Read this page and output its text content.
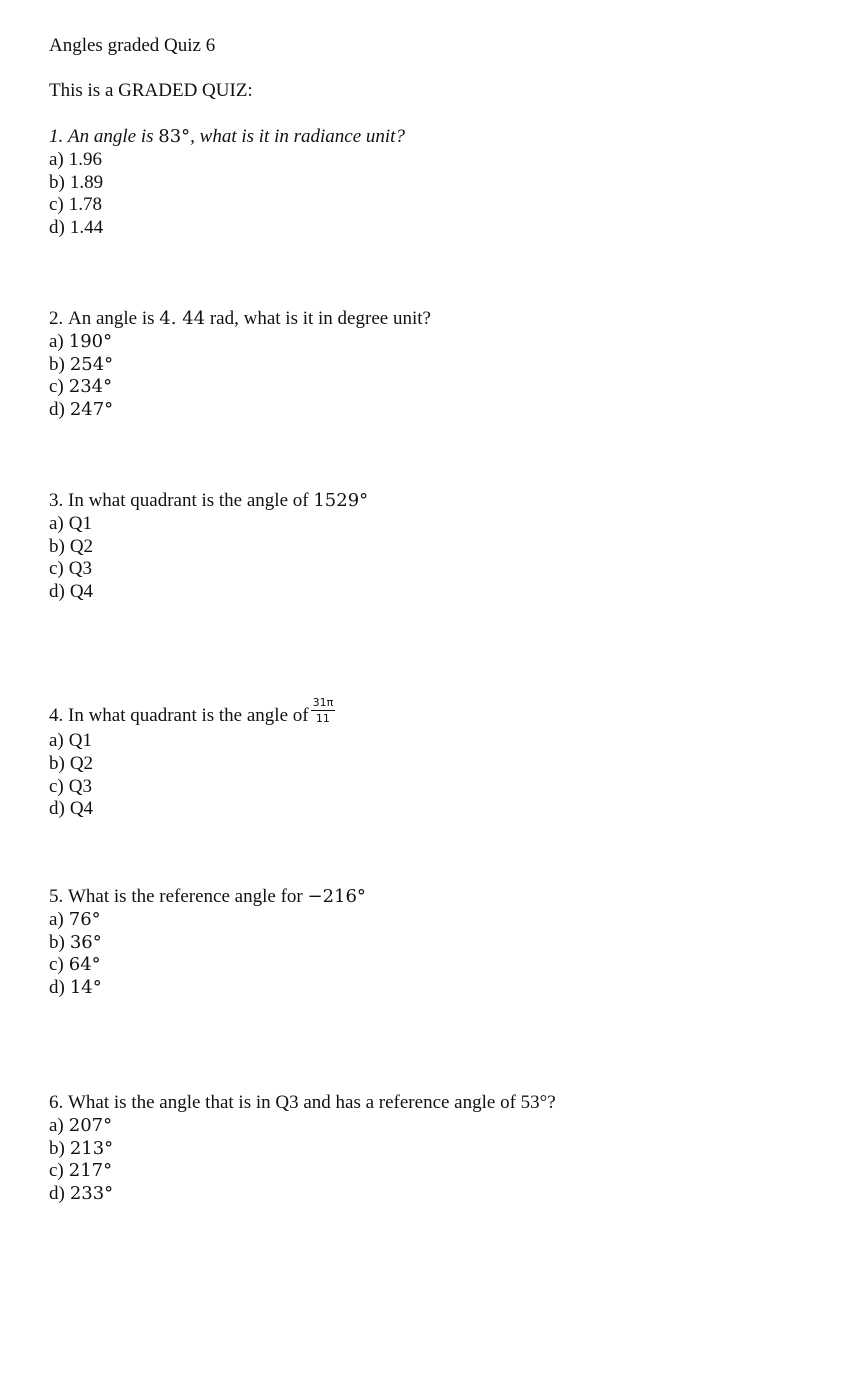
Angles graded Quiz 6
This is a GRADED QUIZ:
1.
An angle is
83° , what is it in radiance unit?
a) 1.96
b) 1.89
c) 1.78
d) 1.44
2.
An angle is
4. 44
rad, what is it in degree unit?
a) 190°
b) 254°
c) 234°
d) 247°
3.
In what quadrant is the angle of
1529°
a) Q1
b) Q2
c) Q3
d) Q4
4.
In what quadrant is the angle of $\frac{31\pi}{11}$
a) Q1
b) Q2
c) Q3
d) Q4
5.
What is the reference angle for
−216°
a) 76°
b) 36°
c) 64°
d) 14°
6.
What is the angle that is in Q3 and has a reference angle of 53°?
a) 207°
b) 213°
c) 217°
d) 233°
